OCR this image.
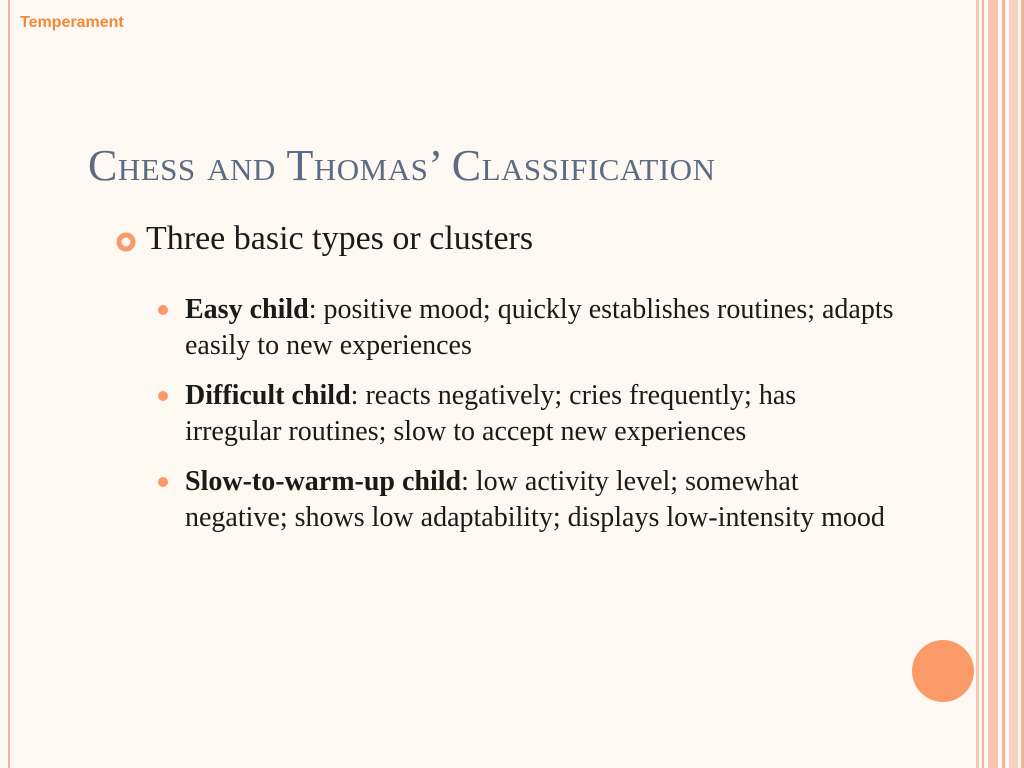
Temperament
Chess and Thomas’ Classification
Three basic types or clusters
Easy child: positive mood; quickly establishes routines; adapts easily to new experiences
Difficult child: reacts negatively; cries frequently; has irregular routines; slow to accept new experiences
Slow-to-warm-up child: low activity level; somewhat negative; shows low adaptability; displays low-intensity mood
